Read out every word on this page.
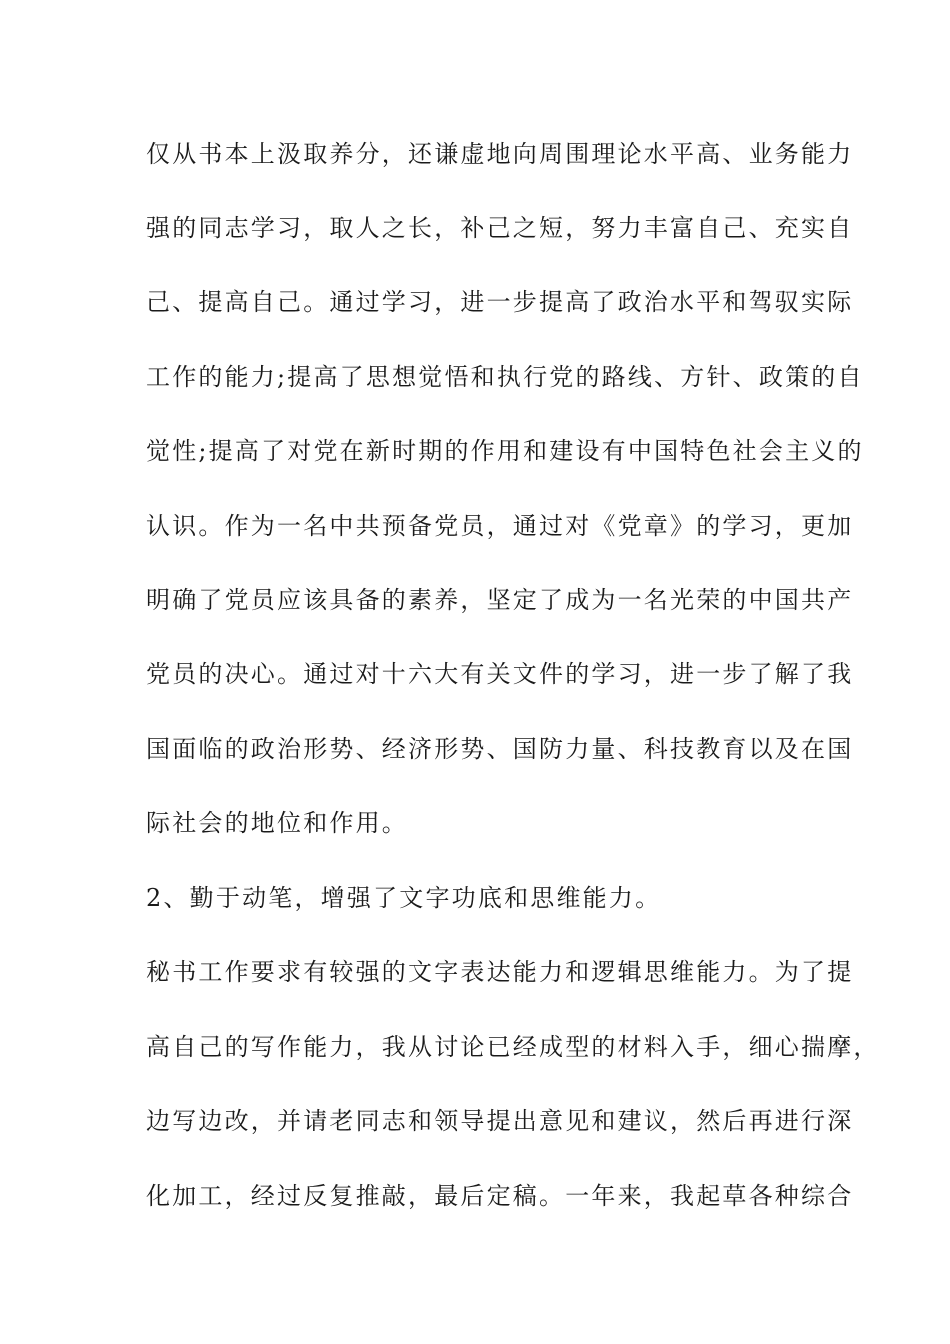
仅从书本上汲取养分，还谦虚地向周围理论水平高、业务能力
强的同志学习，取人之长，补己之短，努力丰富自己、充实自
己、提高自己。通过学习，进一步提高了政治水平和驾驭实际
工作的能力;提高了思想觉悟和执行党的路线、方针、政策的自
觉性;提高了对党在新时期的作用和建设有中国特色社会主义的
认识。作为一名中共预备党员，通过对《党章》的学习，更加
明确了党员应该具备的素养，坚定了成为一名光荣的中国共产
党员的决心。通过对十六大有关文件的学习，进一步了解了我
国面临的政治形势、经济形势、国防力量、科技教育以及在国
际社会的地位和作用。
2、勤于动笔，增强了文字功底和思维能力。
秘书工作要求有较强的文字表达能力和逻辑思维能力。为了提
高自己的写作能力，我从讨论已经成型的材料入手，细心揣摩，
边写边改，并请老同志和领导提出意见和建议，然后再进行深
化加工，经过反复推敲，最后定稿。一年来，我起草各种综合
